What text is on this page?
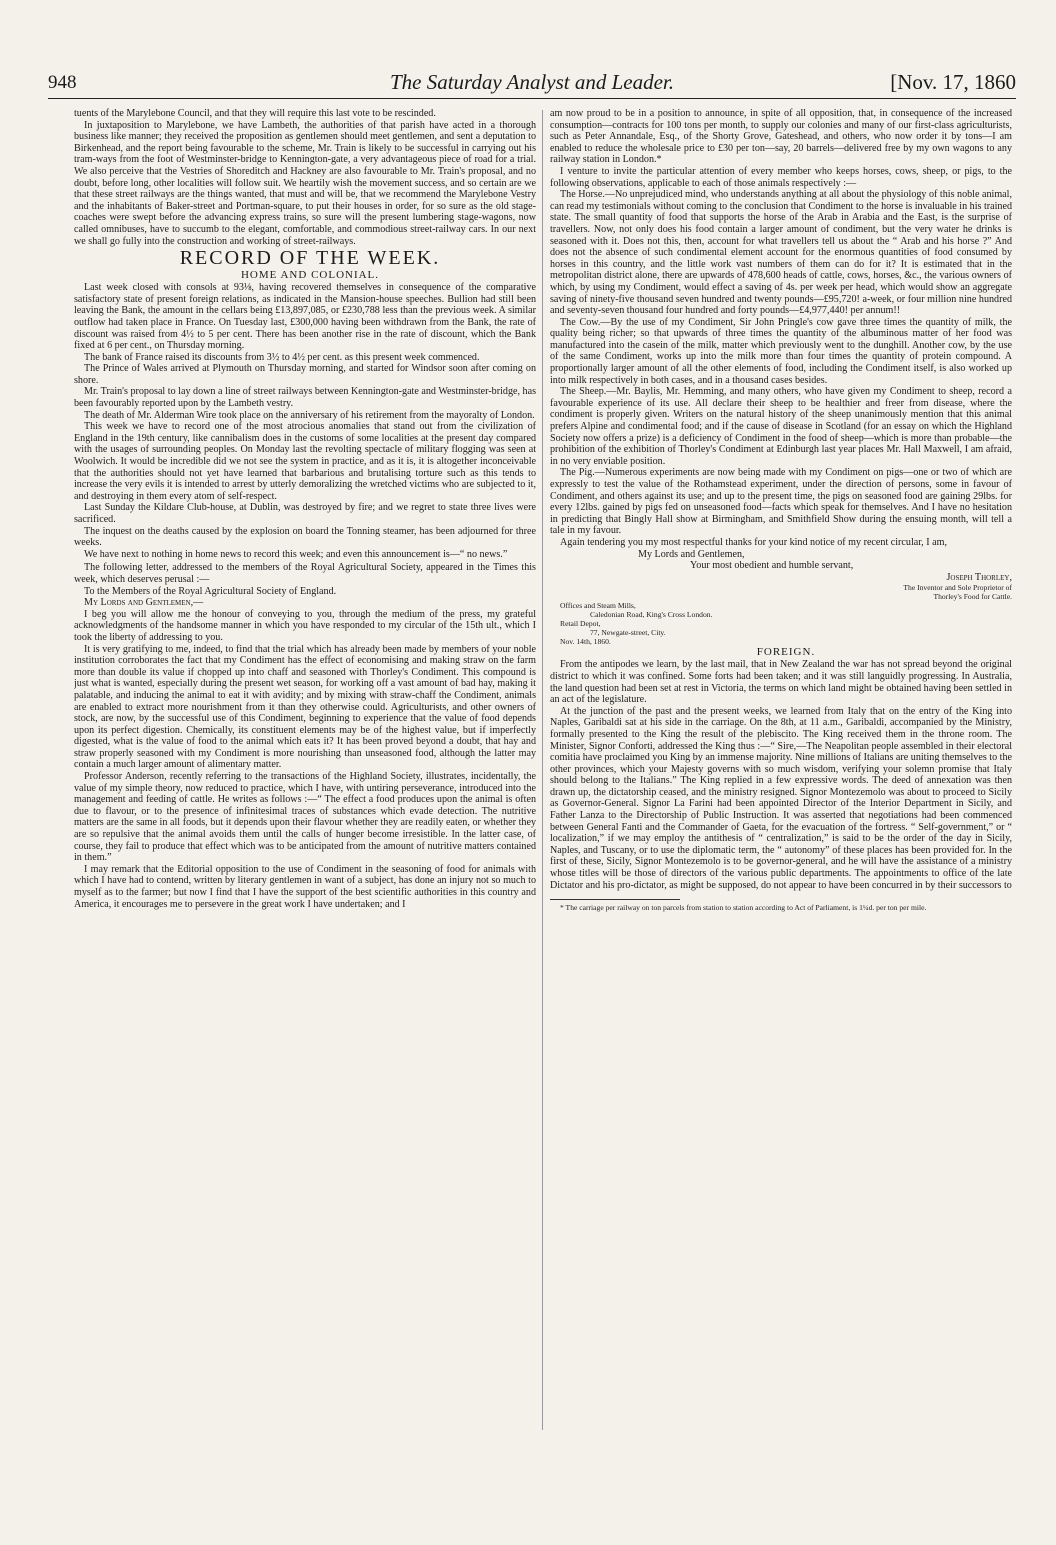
948	The Saturday Analyst and Leader.	[Nov. 17, 1860

tuents of the Marylebone Council, and that they will require this last vote to be rescinded.

In juxtaposition to Marylebone, we have Lambeth, the authorities of that parish have acted in a thorough business like manner; they received the proposition as gentlemen should meet gentlemen, and sent a deputation to Birkenhead, and the report being favourable to the scheme, Mr. Train is likely to be successful in carrying out his tram-ways from the foot of Westminster-bridge to Kennington-gate, a very advantageous piece of road for a trial. We also perceive that the Vestries of Shoreditch and Hackney are also favourable to Mr. Train's proposal, and no doubt, before long, other localities will follow suit. We heartily wish the movement success, and so certain are we that these street railways are the things wanted, that must and will be, that we recommend the Marylebone Vestry and the inhabitants of Baker-street and Portman-square, to put their houses in order, for so sure as the old stage-coaches were swept before the advancing express trains, so sure will the present lumbering stage-wagons, now called omnibuses, have to succumb to the elegant, comfortable, and commodious street-railway cars. In our next we shall go fully into the construction and working of street-railways.

RECORD OF THE WEEK.

HOME AND COLONIAL.

Last week closed with consols at 93⅛, having recovered themselves in consequence of the comparative satisfactory state of present foreign relations, as indicated in the Mansion-house speeches. Bullion had still been leaving the Bank, the amount in the cellars being £13,897,085, or £230,788 less than the previous week. A similar outflow had taken place in France. On Tuesday last, £300,000 having been withdrawn from the Bank, the rate of discount was raised from 4½ to 5 per cent. There has been another rise in the rate of discount, which the Bank fixed at 6 per cent., on Thursday morning.

The bank of France raised its discounts from 3½ to 4½ per cent. as this present week commenced.

The Prince of Wales arrived at Plymouth on Thursday morning, and started for Windsor soon after coming on shore.

Mr. Train's proposal to lay down a line of street railways between Kennington-gate and Westminster-bridge, has been favourably reported upon by the Lambeth vestry.

The death of Mr. Alderman Wire took place on the anniversary of his retirement from the mayoralty of London.

This week we have to record one of the most atrocious anomalies that stand out from the civilization of England in the 19th century, like cannibalism does in the customs of some localities at the present day compared with the usages of surrounding peoples. On Monday last the revolting spectacle of military flogging was seen at Woolwich. It would be incredible did we not see the system in practice, and as it is, it is altogether inconceivable that the authorities should not yet have learned that barbarious and brutalising torture such as this tends to increase the very evils it is intended to arrest by utterly demoralizing the wretched victims who are subjected to it, and destroying in them every atom of self-respect.

Last Sunday the Kildare Club-house, at Dublin, was destroyed by fire; and we regret to state three lives were sacrificed.

The inquest on the deaths caused by the explosion on board the Tonning steamer, has been adjourned for three weeks.

We have next to nothing in home news to record this week; and even this announcement is—“ no news.”

The following letter, addressed to the members of the Royal Agricultural Society, appeared in the Times this week, which deserves perusal :—

To the Members of the Royal Agricultural Society of England.

My Lords and Gentlemen,—

I beg you will allow me the honour of conveying to you, through the medium of the press, my grateful acknowledgments of the handsome manner in which you have responded to my circular of the 15th ult., which I took the liberty of addressing to you.

It is very gratifying to me, indeed, to find that the trial which has already been made by members of your noble institution corroborates the fact that my Condiment has the effect of economising and making straw on the farm more than double its value if chopped up into chaff and seasoned with Thorley's Condiment. This compound is just what is wanted, especially during the present wet season, for working off a vast amount of bad hay, making it palatable, and inducing the animal to eat it with avidity; and by mixing with straw-chaff the Condiment, animals are enabled to extract more nourishment from it than they otherwise could. Agriculturists, and other owners of stock, are now, by the successful use of this Condiment, beginning to experience that the value of food depends upon its perfect digestion. Chemically, its constituent elements may be of the highest value, but if imperfectly digested, what is the value of food to the animal which eats it? It has been proved beyond a doubt, that hay and straw properly seasoned with my Condiment is more nourishing than unseasoned food, although the latter may contain a much larger amount of alimentary matter.

Professor Anderson, recently referring to the transactions of the Highland Society, illustrates, incidentally, the value of my simple theory, now reduced to practice, which I have, with untiring perseverance, introduced into the management and feeding of cattle. He writes as follows :—“ The effect a food produces upon the animal is often due to flavour, or to the presence of infinitesimal traces of substances which evade detection. The nutritive matters are the same in all foods, but it depends upon their flavour whether they are readily eaten, or whether they are so repulsive that the animal avoids them until the calls of hunger become irresistible. In the latter case, of course, they fail to produce that effect which was to be anticipated from the amount of nutritive matters contained in them.”

I may remark that the Editorial opposition to the use of Condiment in the seasoning of food for animals with which I have had to contend, written by literary gentlemen in want of a subject, has done an injury not so much to myself as to the farmer; but now I find that I have the support of the best scientific authorities in this country and America, it encourages me to persevere in the great work I have undertaken; and I

am now proud to be in a position to announce, in spite of all opposition, that, in consequence of the increased consumption—contracts for 100 tons per month, to supply our colonies and many of our first-class agriculturists, such as Peter Annandale, Esq., of the Shorty Grove, Gateshead, and others, who now order it by tons—I am enabled to reduce the wholesale price to £30 per ton—say, 20 barrels—delivered free by my own wagons to any railway station in London.*

I venture to invite the particular attention of every member who keeps horses, cows, sheep, or pigs, to the following observations, applicable to each of those animals respectively :—

The Horse.—No unprejudiced mind, who understands anything at all about the physiology of this noble animal, can read my testimonials without coming to the conclusion that Condiment to the horse is invaluable in his trained state. The small quantity of food that supports the horse of the Arab in Arabia and the East, is the surprise of travellers. Now, not only does his food contain a larger amount of condiment, but the very water he drinks is seasoned with it. Does not this, then, account for what travellers tell us about the “ Arab and his horse ?” And does not the absence of such condimental element account for the enormous quantities of food consumed by horses in this country, and the little work vast numbers of them can do for it? It is estimated that in the metropolitan district alone, there are upwards of 478,600 heads of cattle, cows, horses, &c., the various owners of which, by using my Condiment, would effect a saving of 4s. per week per head, which would show an aggregate saving of ninety-five thousand seven hundred and twenty pounds—£95,720! a-week, or four million nine hundred and seventy-seven thousand four hundred and forty pounds—£4,977,440! per annum!!

The Cow.—By the use of my Condiment, Sir John Pringle's cow gave three times the quantity of milk, the quality being richer; so that upwards of three times the quantity of the albuminous matter of her food was manufactured into the casein of the milk, matter which previously went to the dunghill. Another cow, by the use of the same Condiment, works up into the milk more than four times the quantity of protein compound. A proportionally larger amount of all the other elements of food, including the Condiment itself, is also worked up into milk respectively in both cases, and in a thousand cases besides.

The Sheep.—Mr. Baylis, Mr. Hemming, and many others, who have given my Condiment to sheep, record a favourable experience of its use. All declare their sheep to be healthier and freer from disease, where the condiment is properly given. Writers on the natural history of the sheep unanimously mention that this animal prefers Alpine and condimental food; and if the cause of disease in Scotland (for an essay on which the Highland Society now offers a prize) is a deficiency of Condiment in the food of sheep—which is more than probable—the prohibition of the exhibition of Thorley's Condiment at Edinburgh last year places Mr. Hall Maxwell, I am afraid, in no very enviable position.

The Pig.—Numerous experiments are now being made with my Condiment on pigs—one or two of which are expressly to test the value of the Rothamstead experiment, under the direction of persons, some in favour of Condiment, and others against its use; and up to the present time, the pigs on seasoned food are gaining 29lbs. for every 12lbs. gained by pigs fed on unseasoned food—facts which speak for themselves. And I have no hesitation in predicting that Bingly Hall show at Birmingham, and Smithfield Show during the ensuing month, will tell a tale in my favour.

Again tendering you my most respectful thanks for your kind notice of my recent circular, I am,

My Lords and Gentlemen,

Your most obedient and humble servant,

Joseph Thorley,

The Inventor and Sole Proprietor of

Thorley's Food for Cattle.

Offices and Steam Mills,

Caledonian Road, King's Cross London.

Retail Depot,

77, Newgate-street, City.

Nov. 14th, 1860.

FOREIGN.

From the antipodes we learn, by the last mail, that in New Zealand the war has not spread beyond the original district to which it was confined. Some forts had been taken; and it was still languidly progressing. In Australia, the land question had been set at rest in Victoria, the terms on which land might be obtained having been settled in an act of the legislature.

At the junction of the past and the present weeks, we learned from Italy that on the entry of the King into Naples, Garibaldi sat at his side in the carriage. On the 8th, at 11 a.m., Garibaldi, accompanied by the Ministry, formally presented to the King the result of the plebiscito. The King received them in the throne room. The Minister, Signor Conforti, addressed the King thus :—“ Sire,—The Neapolitan people assembled in their electoral comitia have proclaimed you King by an immense majority. Nine millions of Italians are uniting themselves to the other provinces, which your Majesty governs with so much wisdom, verifying your solemn promise that Italy should belong to the Italians.” The King replied in a few expressive words. The deed of annexation was then drawn up, the dictatorship ceased, and the ministry resigned. Signor Montezemolo was about to proceed to Sicily as Governor-General. Signor La Farini had been appointed Director of the Interior Department in Sicily, and Father Lanza to the Directorship of Public Instruction. It was asserted that negotiations had been commenced between General Fanti and the Commander of Gaeta, for the evacuation of the fortress. “ Self-government,” or “ localization,” if we may employ the antithesis of “ centralization,” is said to be the order of the day in Sicily, Naples, and Tuscany, or to use the diplomatic term, the “ autonomy” of these places has been provided for. In the first of these, Sicily, Signor Montezemolo is to be governor-general, and he will have the assistance of a ministry whose titles will be those of directors of the various public departments. The appointments to office of the late Dictator and his pro-dictator, as might be supposed, do not appear to have been concurred in by their successors to

* The carriage per railway on ton parcels from station to station according to Act of Parliament, is 1¼d. per ton per mile.
